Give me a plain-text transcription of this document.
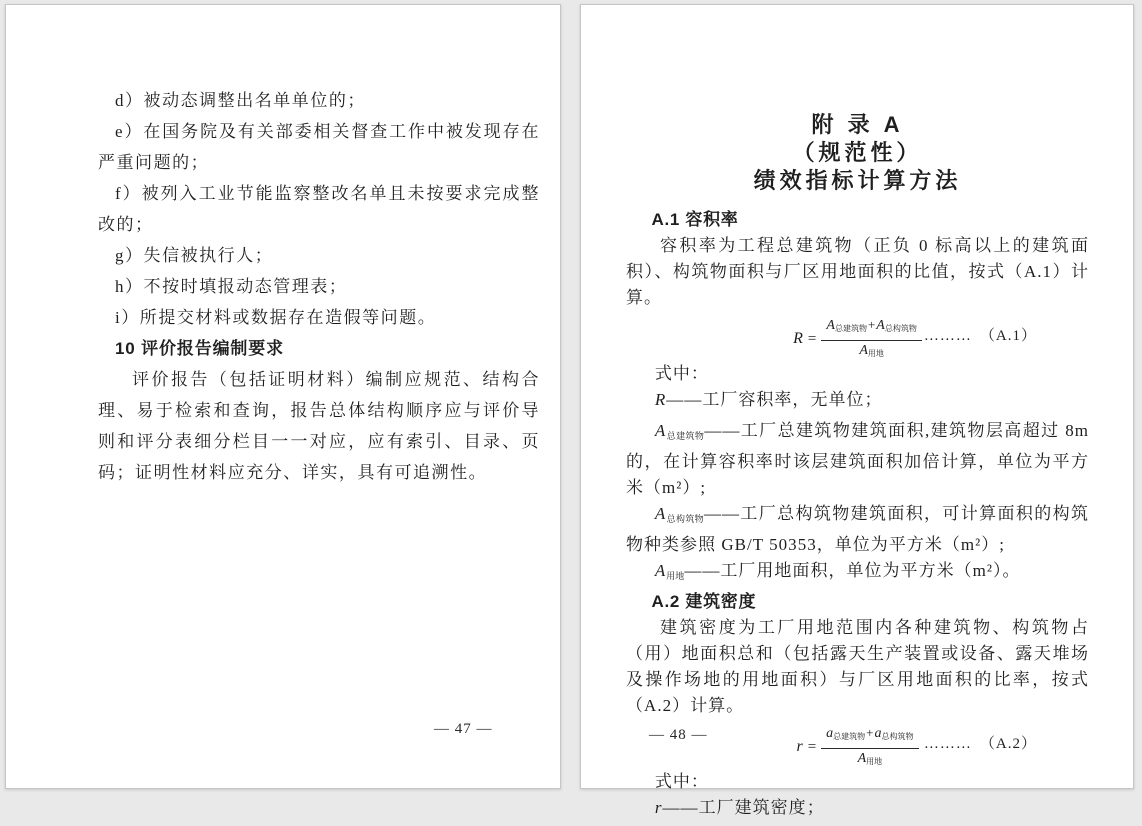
d）被动态调整出名单单位的；

e）在国务院及有关部委相关督查工作中被发现存在严重问题的；

f）被列入工业节能监察整改名单且未按要求完成整改的；

g）失信被执行人；

h）不按时填报动态管理表；

i）所提交材料或数据存在造假等问题。

10 评价报告编制要求

评价报告（包括证明材料）编制应规范、结构合理、易于检索和查询，报告总体结构顺序应与评价导则和评分表细分栏目一一对应，应有索引、目录、页码；证明性材料应充分、详实，具有可追溯性。

— 47 —
附 录 A
（规范性）
绩效指标计算方法

A.1 容积率

容积率为工程总建筑物（正负 0 标高以上的建筑面积）、构筑物面积与厂区用地面积的比值，按式（A.1）计算。

$R = \frac{A_{总建筑物}+A_{总构筑物}}{A_{用地}}$ ……… （A.1）

式中：

R——工厂容积率，无单位；

$A_{总建筑物}——$工厂总建筑物建筑面积,建筑物层高超过 8m 的，在计算容积率时该层建筑面积加倍计算，单位为平方米（m²）;

$A_{总构筑物}——$工厂总构筑物建筑面积，可计算面积的构筑物种类参照 GB/T 50353，单位为平方米（m²）;

$A_{用地}——$工厂用地面积，单位为平方米（m²）。

A.2 建筑密度

建筑密度为工厂用地范围内各种建筑物、构筑物占（用）地面积总和（包括露天生产装置或设备、露天堆场及操作场地的用地面积）与厂区用地面积的比率，按式（A.2）计算。

$r = \frac{a_{总建筑物}+a_{总构筑物}}{A_{用地}}$ ……… （A.2）

式中：

r——工厂建筑密度；

— 48 —
